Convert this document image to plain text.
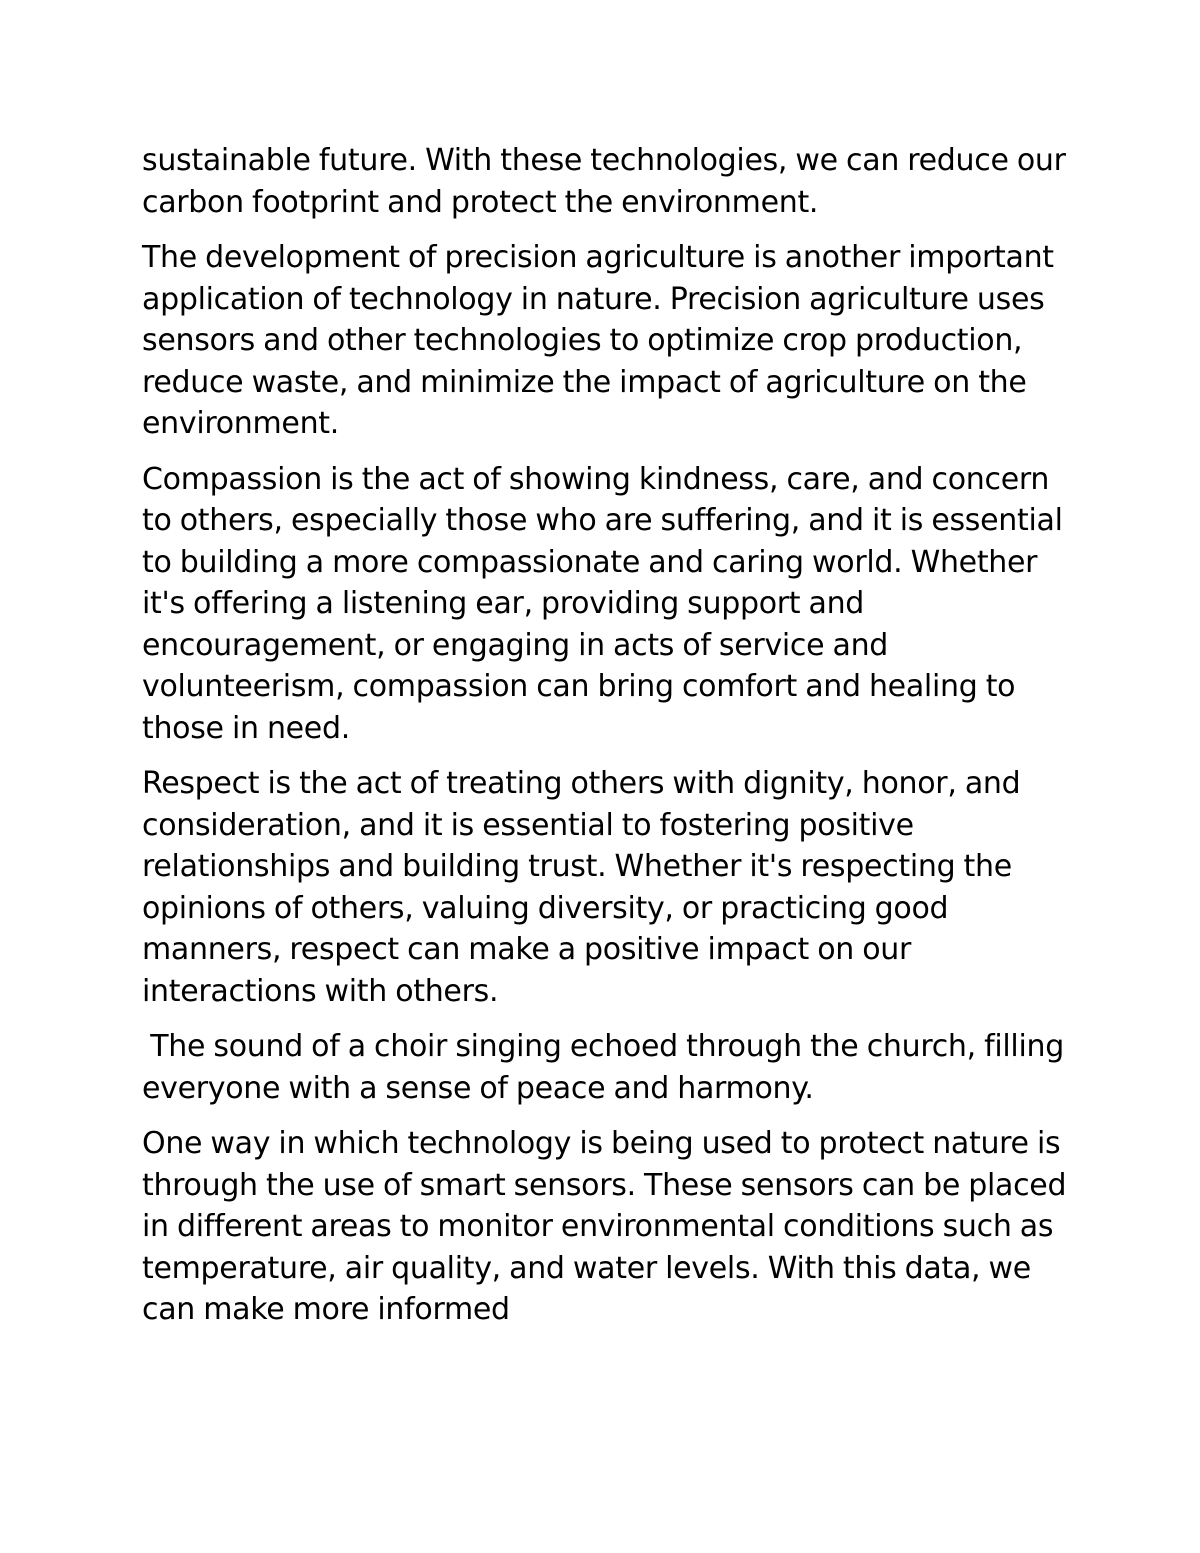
sustainable future. With these technologies, we can reduce our carbon footprint and protect the environment.

The development of precision agriculture is another important application of technology in nature. Precision agriculture uses sensors and other technologies to optimize crop production, reduce waste, and minimize the impact of agriculture on the environment.

Compassion is the act of showing kindness, care, and concern to others, especially those who are suffering, and it is essential to building a more compassionate and caring world. Whether it's offering a listening ear, providing support and encouragement, or engaging in acts of service and volunteerism, compassion can bring comfort and healing to those in need.

Respect is the act of treating others with dignity, honor, and consideration, and it is essential to fostering positive relationships and building trust. Whether it's respecting the opinions of others, valuing diversity, or practicing good manners, respect can make a positive impact on our interactions with others.

The sound of a choir singing echoed through the church, filling everyone with a sense of peace and harmony.

One way in which technology is being used to protect nature is through the use of smart sensors. These sensors can be placed in different areas to monitor environmental conditions such as temperature, air quality, and water levels. With this data, we can make more informed
